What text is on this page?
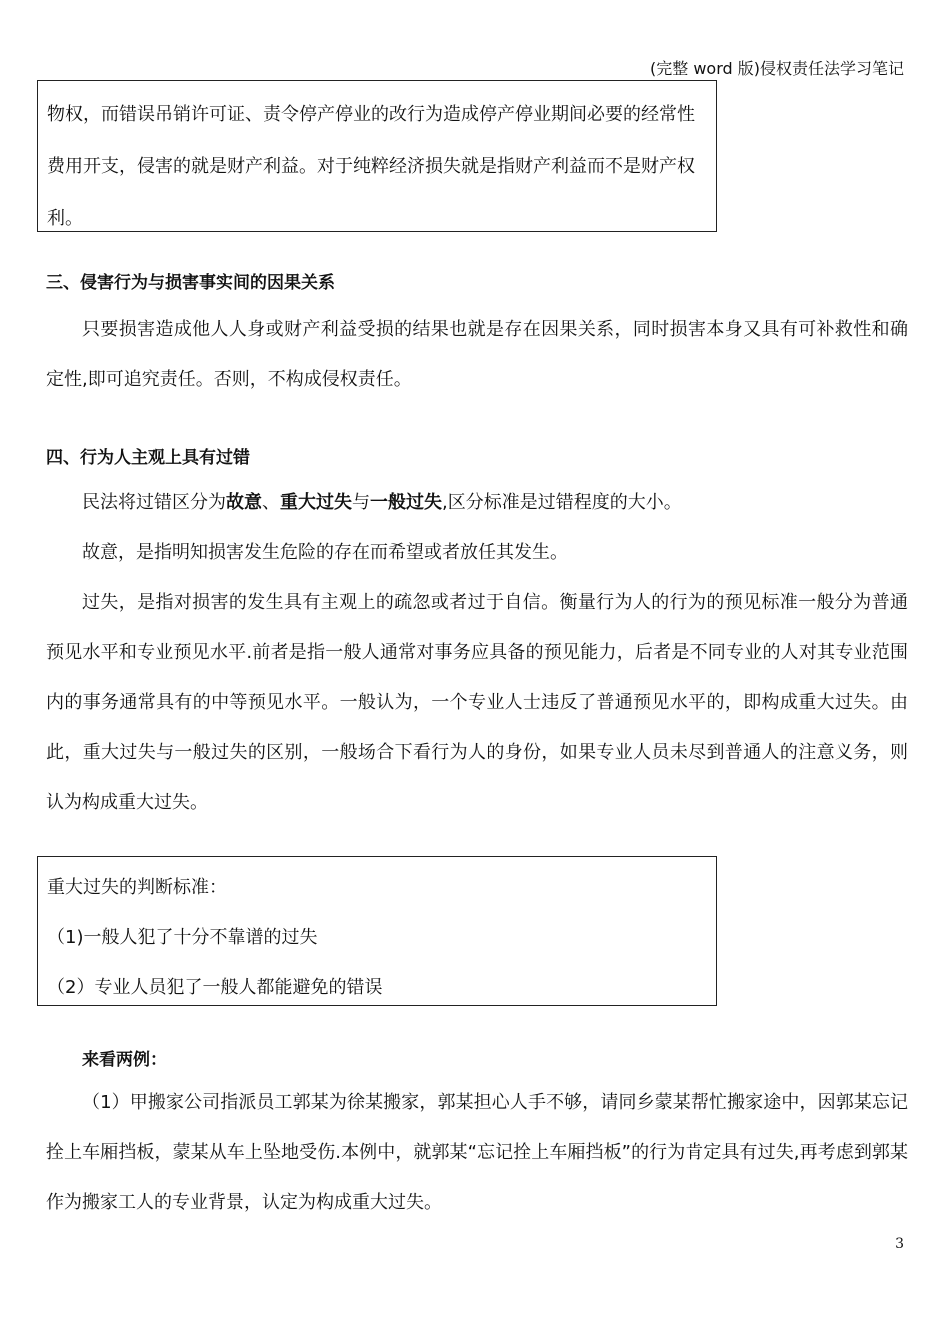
(完整 word 版)侵权责任法学习笔记

物权，而错误吊销许可证、责令停产停业的改行为造成停产停业期间必要的经常性费用开支，侵害的就是财产利益。对于纯粹经济损失就是指财产利益而不是财产权利。

三、侵害行为与损害事实间的因果关系

只要损害造成他人人身或财产利益受损的结果也就是存在因果关系，同时损害本身又具有可补救性和确定性,即可追究责任。否则，不构成侵权责任。

四、行为人主观上具有过错

民法将过错区分为故意、重大过失与一般过失,区分标准是过错程度的大小。

故意，是指明知损害发生危险的存在而希望或者放任其发生。

过失，是指对损害的发生具有主观上的疏忽或者过于自信。衡量行为人的行为的预见标准一般分为普通预见水平和专业预见水平.前者是指一般人通常对事务应具备的预见能力，后者是不同专业的人对其专业范围内的事务通常具有的中等预见水平。一般认为，一个专业人士违反了普通预见水平的，即构成重大过失。由此，重大过失与一般过失的区别，一般场合下看行为人的身份，如果专业人员未尽到普通人的注意义务，则认为构成重大过失。

重大过失的判断标准：

（1)一般人犯了十分不靠谱的过失

（2）专业人员犯了一般人都能避免的错误

来看两例：

（1）甲搬家公司指派员工郭某为徐某搬家，郭某担心人手不够，请同乡蒙某帮忙搬家途中，因郭某忘记拴上车厢挡板，蒙某从车上坠地受伤.本例中，就郭某“忘记拴上车厢挡板”的行为肯定具有过失,再考虑到郭某作为搬家工人的专业背景，认定为构成重大过失。

3
